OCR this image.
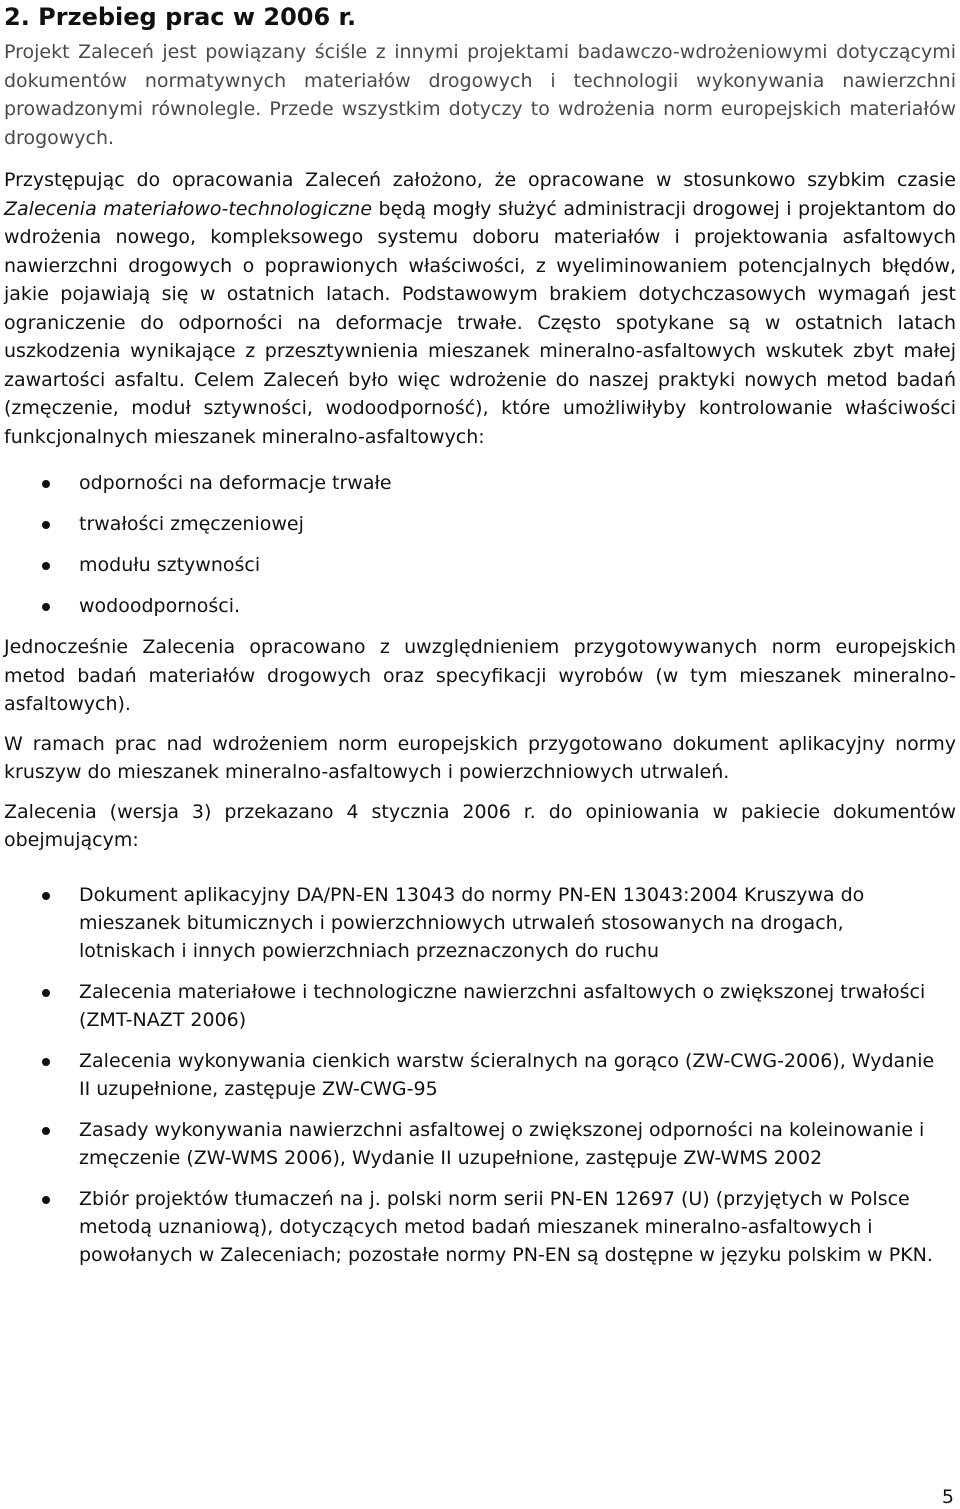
2. Przebieg prac w 2006 r.

Projekt Zaleceń jest powiązany ściśle z innymi projektami badawczo-wdrożeniowymi dotyczącymi dokumentów normatywnych materiałów drogowych i technologii wykonywania nawierzchni prowadzonymi równolegle. Przede wszystkim dotyczy to wdrożenia norm europejskich materiałów drogowych.

Przystępując do opracowania Zaleceń założono, że opracowane w stosunkowo szybkim czasie Zalecenia materiałowo-technologiczne będą mogły służyć administracji drogowej i projektantom do wdrożenia nowego, kompleksowego systemu doboru materiałów i projektowania asfaltowych nawierzchni drogowych o poprawionych właściwości, z wyeliminowaniem potencjalnych błędów, jakie pojawiają się w ostatnich latach. Podstawowym brakiem dotychczasowych wymagań jest ograniczenie do odporności na deformacje trwałe. Często spotykane są w ostatnich latach uszkodzenia wynikające z przesztywnienia mieszanek mineralno-asfaltowych wskutek zbyt małej zawartości asfaltu. Celem Zaleceń było więc wdrożenie do naszej praktyki nowych metod badań (zmęczenie, moduł sztywności, wodoodporność), które umożliwiłyby kontrolowanie właściwości funkcjonalnych mieszanek mineralno-asfaltowych:

odporności na deformacje trwałe
trwałości zmęczeniowej
modułu sztywności
wodoodporności.

Jednocześnie Zalecenia opracowano z uwzględnieniem przygotowywanych norm europejskich metod badań materiałów drogowych oraz specyfikacji wyrobów (w tym mieszanek mineralno-asfaltowych).

W ramach prac nad wdrożeniem norm europejskich przygotowano dokument aplikacyjny normy kruszyw do mieszanek mineralno-asfaltowych i powierzchniowych utrwaleń.

Zalecenia (wersja 3) przekazano 4 stycznia 2006 r. do opiniowania w pakiecie dokumentów obejmującym:

Dokument aplikacyjny DA/PN-EN 13043 do normy PN-EN 13043:2004 Kruszywa do mieszanek bitumicznych i powierzchniowych utrwaleń stosowanych na drogach, lotniskach i innych powierzchniach przeznaczonych do ruchu
Zalecenia materiałowe i technologiczne nawierzchni asfaltowych o zwiększonej trwałości (ZMT-NAZT 2006)
Zalecenia wykonywania cienkich warstw ścieralnych na gorąco (ZW-CWG-2006), Wydanie II uzupełnione, zastępuje ZW-CWG-95
Zasady wykonywania nawierzchni asfaltowej o zwiększonej odporności na koleinowanie i zmęczenie (ZW-WMS 2006), Wydanie II uzupełnione, zastępuje ZW-WMS 2002
Zbiór projektów tłumaczeń na j. polski norm serii PN-EN 12697 (U) (przyjętych w Polsce metodą uznaniową), dotyczących metod badań mieszanek mineralno-asfaltowych i powołanych w Zaleceniach; pozostałe normy PN-EN są dostępne w języku polskim w PKN.
5
